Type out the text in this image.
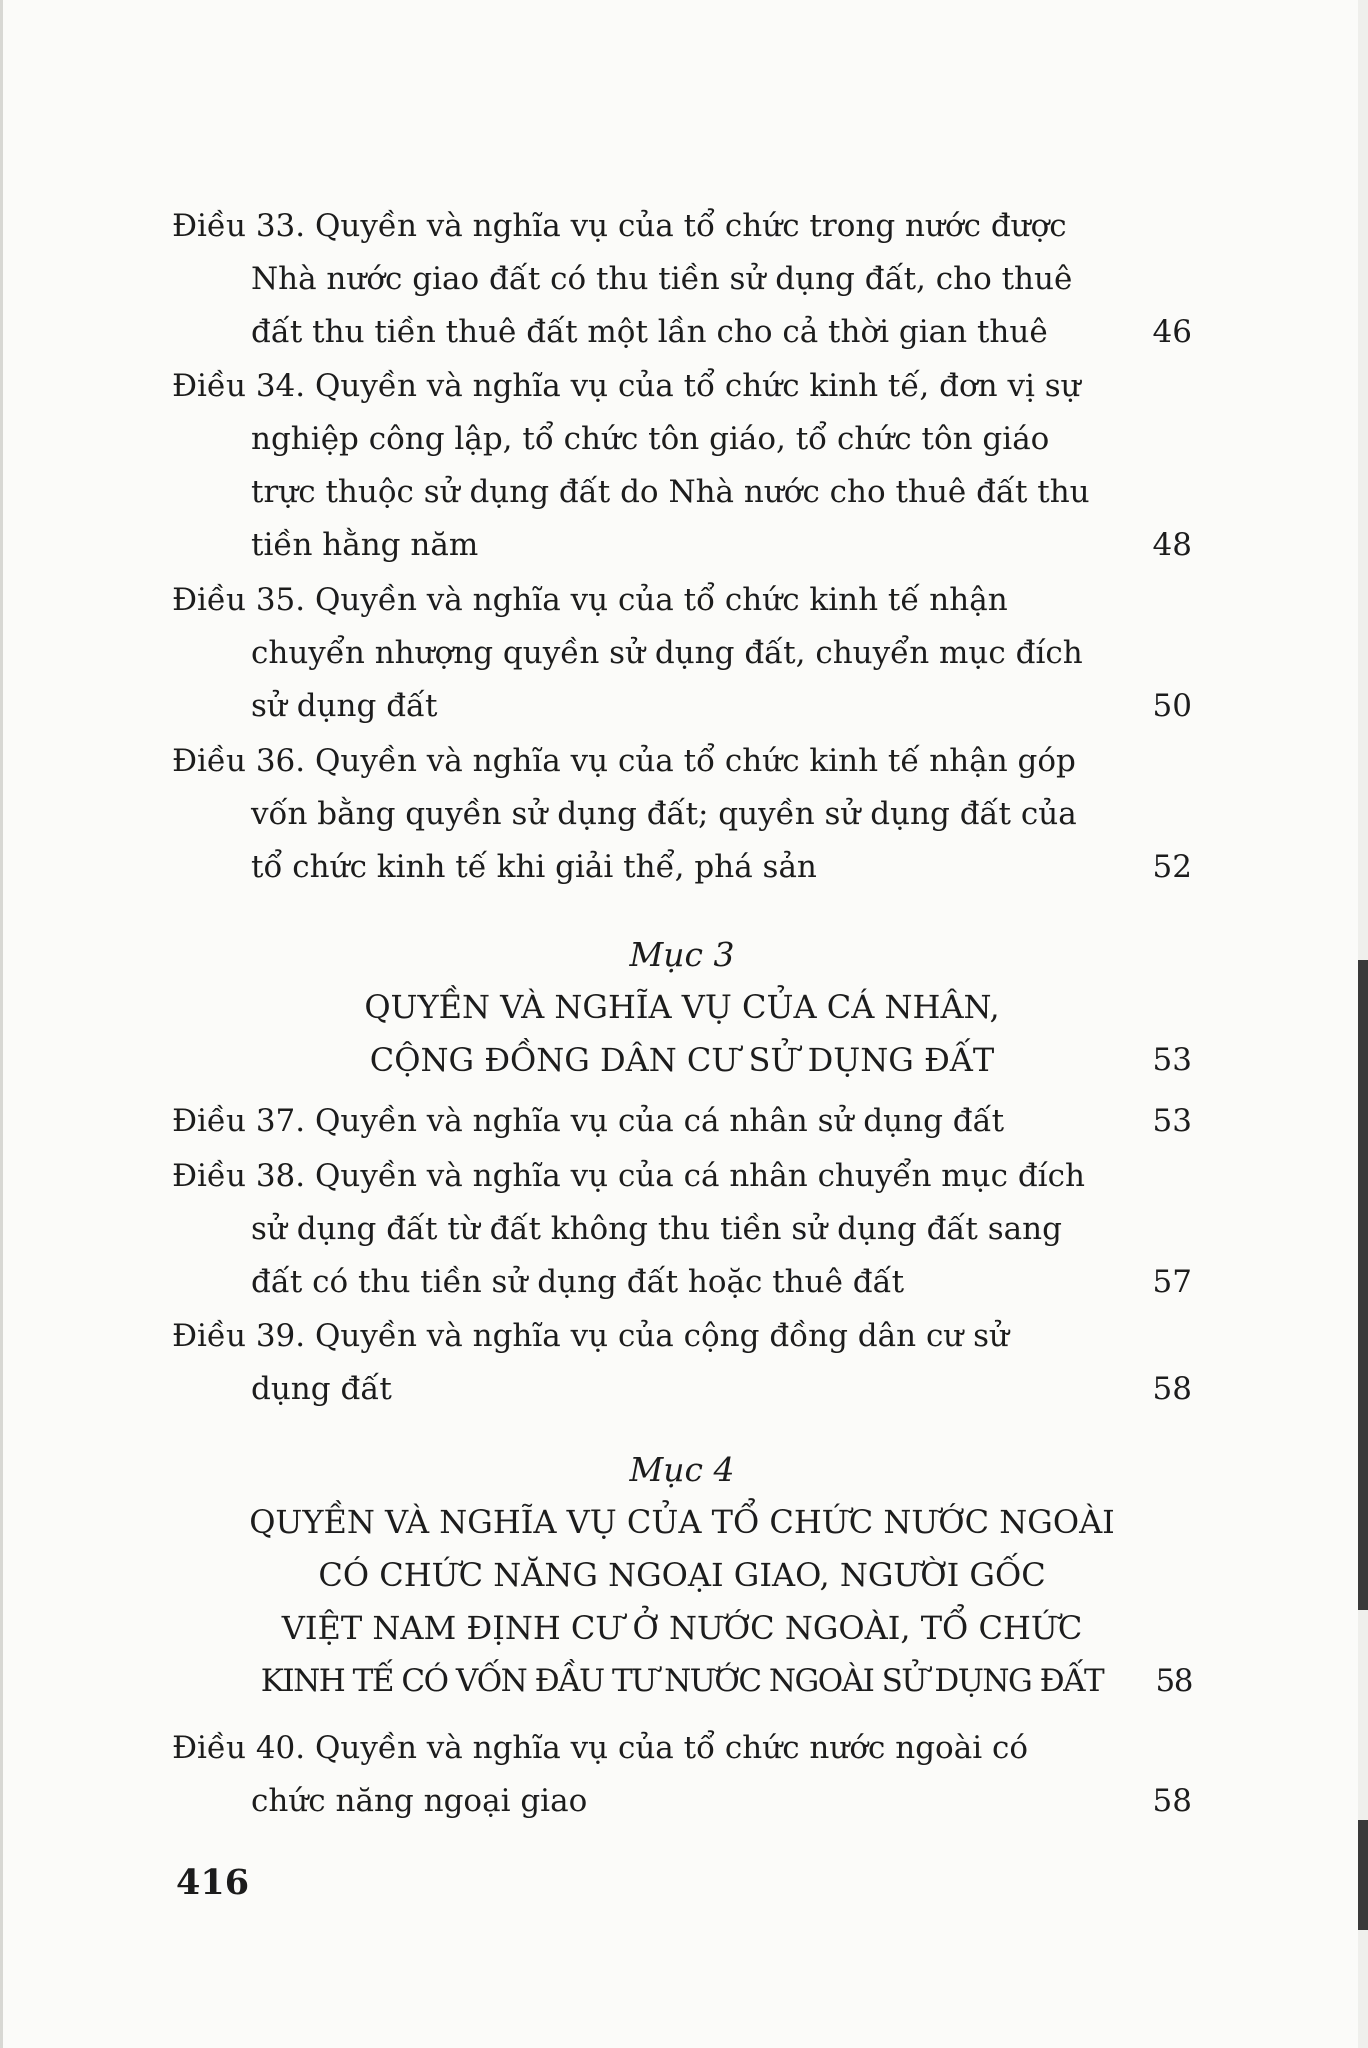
Điều 33. Quyền và nghĩa vụ của tổ chức trong nước được
Nhà nước giao đất có thu tiền sử dụng đất, cho thuê
đất thu tiền thuê đất một lần cho cả thời gian thuê	46
Điều 34. Quyền và nghĩa vụ của tổ chức kinh tế, đơn vị sự
nghiệp công lập, tổ chức tôn giáo, tổ chức tôn giáo
trực thuộc sử dụng đất do Nhà nước cho thuê đất thu
tiền hằng năm	48
Điều 35. Quyền và nghĩa vụ của tổ chức kinh tế nhận
chuyển nhượng quyền sử dụng đất, chuyển mục đích
sử dụng đất	50
Điều 36. Quyền và nghĩa vụ của tổ chức kinh tế nhận góp
vốn bằng quyền sử dụng đất; quyền sử dụng đất của
tổ chức kinh tế khi giải thể, phá sản	52
Mục 3
QUYỀN VÀ NGHĨA VỤ CỦA CÁ NHÂN,
CỘNG ĐỒNG DÂN CƯ SỬ DỤNG ĐẤT	53
Điều 37. Quyền và nghĩa vụ của cá nhân sử dụng đất	53
Điều 38. Quyền và nghĩa vụ của cá nhân chuyển mục đích
sử dụng đất từ đất không thu tiền sử dụng đất sang
đất có thu tiền sử dụng đất hoặc thuê đất	57
Điều 39. Quyền và nghĩa vụ của cộng đồng dân cư sử
dụng đất	58
Mục 4
QUYỀN VÀ NGHĨA VỤ CỦA TỔ CHỨC NƯỚC NGOÀI
CÓ CHỨC NĂNG NGOẠI GIAO, NGƯỜI GỐC
VIỆT NAM ĐỊNH CƯ Ở NƯỚC NGOÀI, TỔ CHỨC
KINH TẾ CÓ VỐN ĐẦU TƯ NƯỚC NGOÀI SỬ DỤNG ĐẤT 58
Điều 40. Quyền và nghĩa vụ của tổ chức nước ngoài có
chức năng ngoại giao	58
416
